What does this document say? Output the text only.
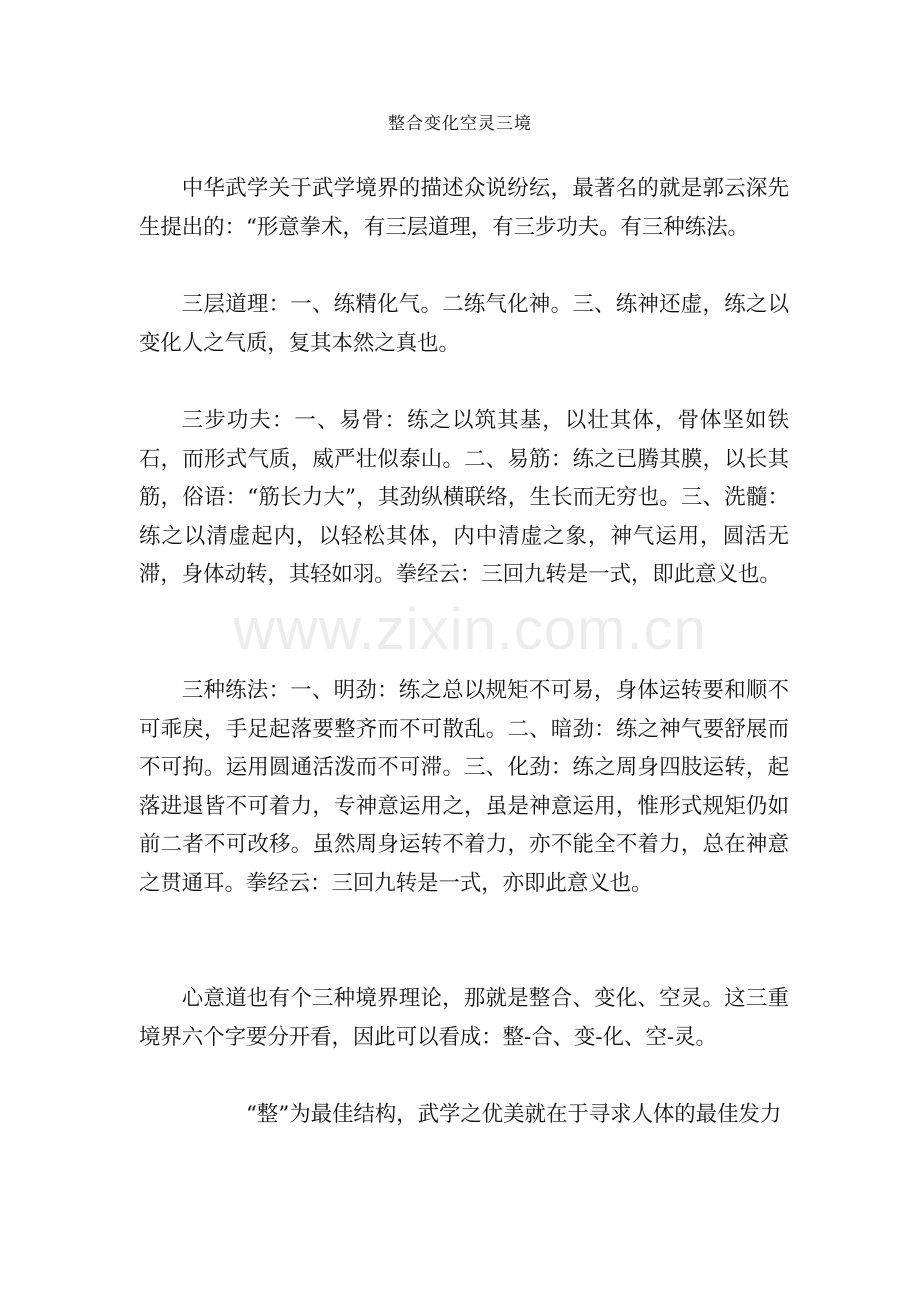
整合变化空灵三境

中华武学关于武学境界的描述众说纷纭，最著名的就是郭云深先生提出的：“形意拳术，有三层道理，有三步功夫。有三种练法。

三层道理：一、练精化气。二练气化神。三、练神还虚，练之以变化人之气质，复其本然之真也。

三步功夫：一、易骨：练之以筑其基，以壮其体，骨体坚如铁石，而形式气质，威严壮似泰山。二、易筋：练之已腾其膜，以长其筋，俗语：“筋长力大”，其劲纵横联络，生长而无穷也。三、洗髓：练之以清虚起内，以轻松其体，内中清虚之象，神气运用，圆活无滞，身体动转，其轻如羽。拳经云：三回九转是一式，即此意义也。

三种练法：一、明劲：练之总以规矩不可易，身体运转要和顺不可乖戾，手足起落要整齐而不可散乱。二、暗劲：练之神气要舒展而不可拘。运用圆通活泼而不可滞。三、化劲：练之周身四肢运转，起落进退皆不可着力，专神意运用之，虽是神意运用，惟形式规矩仍如前二者不可改移。虽然周身运转不着力，亦不能全不着力，总在神意之贯通耳。拳经云：三回九转是一式，亦即此意义也。

心意道也有个三种境界理论，那就是整合、变化、空灵。这三重境界六个字要分开看，因此可以看成：整-合、变-化、空-灵。

“整”为最佳结构，武学之优美就在于寻求人体的最佳发力

www.zixin.com.cn
